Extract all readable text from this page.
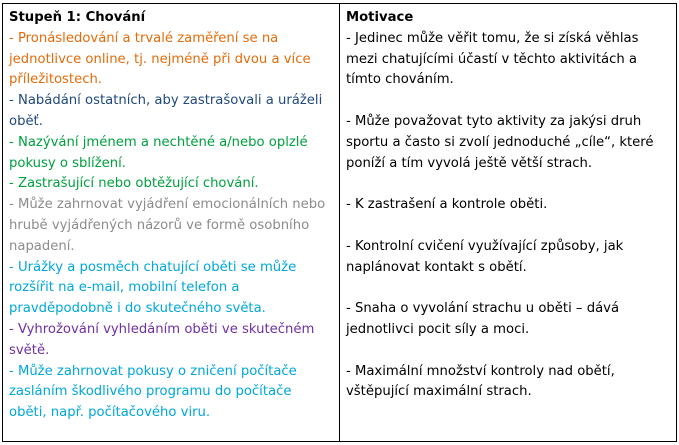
Stupeň 1: Chování
- Pronásledování a trvalé zaměření se na jednotlivce online, tj. nejméně při dvou a více příležitostech.
- Nabádání ostatních, aby zastrašovali a uráželi oběť.
- Nazývání jménem a nechtěné a/nebo oplzlé pokusy o sblížení.
- Zastrašující nebo obtěžující chování.
- Může zahrnovat vyjádření emocionálních nebo hrubě vyjádřených názorů ve formě osobního napadení.
- Urážky a posměch chatující oběti se může rozšířit na e-mail, mobilní telefon a pravděpodobně i do skutečného světa.
- Vyhrožování vyhledáním oběti ve skutečném světě.
- Může zahrnovat pokusy o zničení počítače zasláním škodlivého programu do počítače oběti, např. počítačového viru.

Motivace
- Jedinec může věřit tomu, že si získá věhlas mezi chatujícími účastí v těchto aktivitách a tímto chováním.
- Může považovat tyto aktivity za jakýsi druh sportu a často si zvolí jednoduché „cíle“, které poníží a tím vyvolá ještě větší strach.
- K zastrašení a kontrole oběti.
- Kontrolní cvičení využívající způsoby, jak naplánovat kontakt s obětí.
- Snaha o vyvolání strachu u oběti – dává jednotlivci pocit síly a moci.
- Maximální množství kontroly nad obětí, vštěpující maximální strach.
